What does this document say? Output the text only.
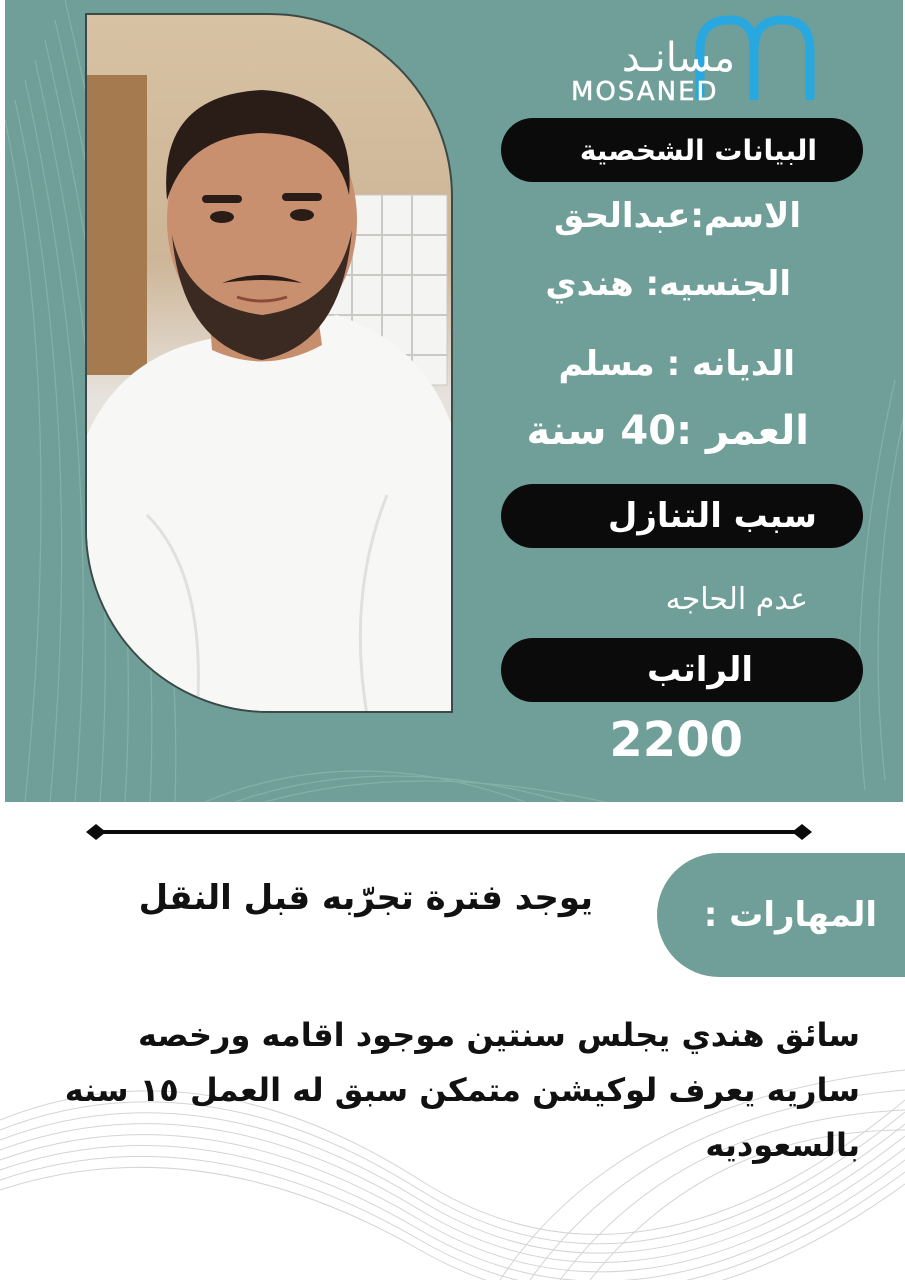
مسانـد
MOSANED
البيانات الشخصية
الاسم:عبدالحق
الجنسيه: هندي
الديانه : مسلم
العمر :40 سنة
سبب التنازل
عدم الحاجه
الراتب
2200
المهارات :
يوجد فترة تجرّبه قبل النقل
سائق هندي يجلس سنتين موجود اقامه ورخصه ساريه يعرف لوكيشن متمكن سبق له العمل ١٥ سنه بالسعوديه
